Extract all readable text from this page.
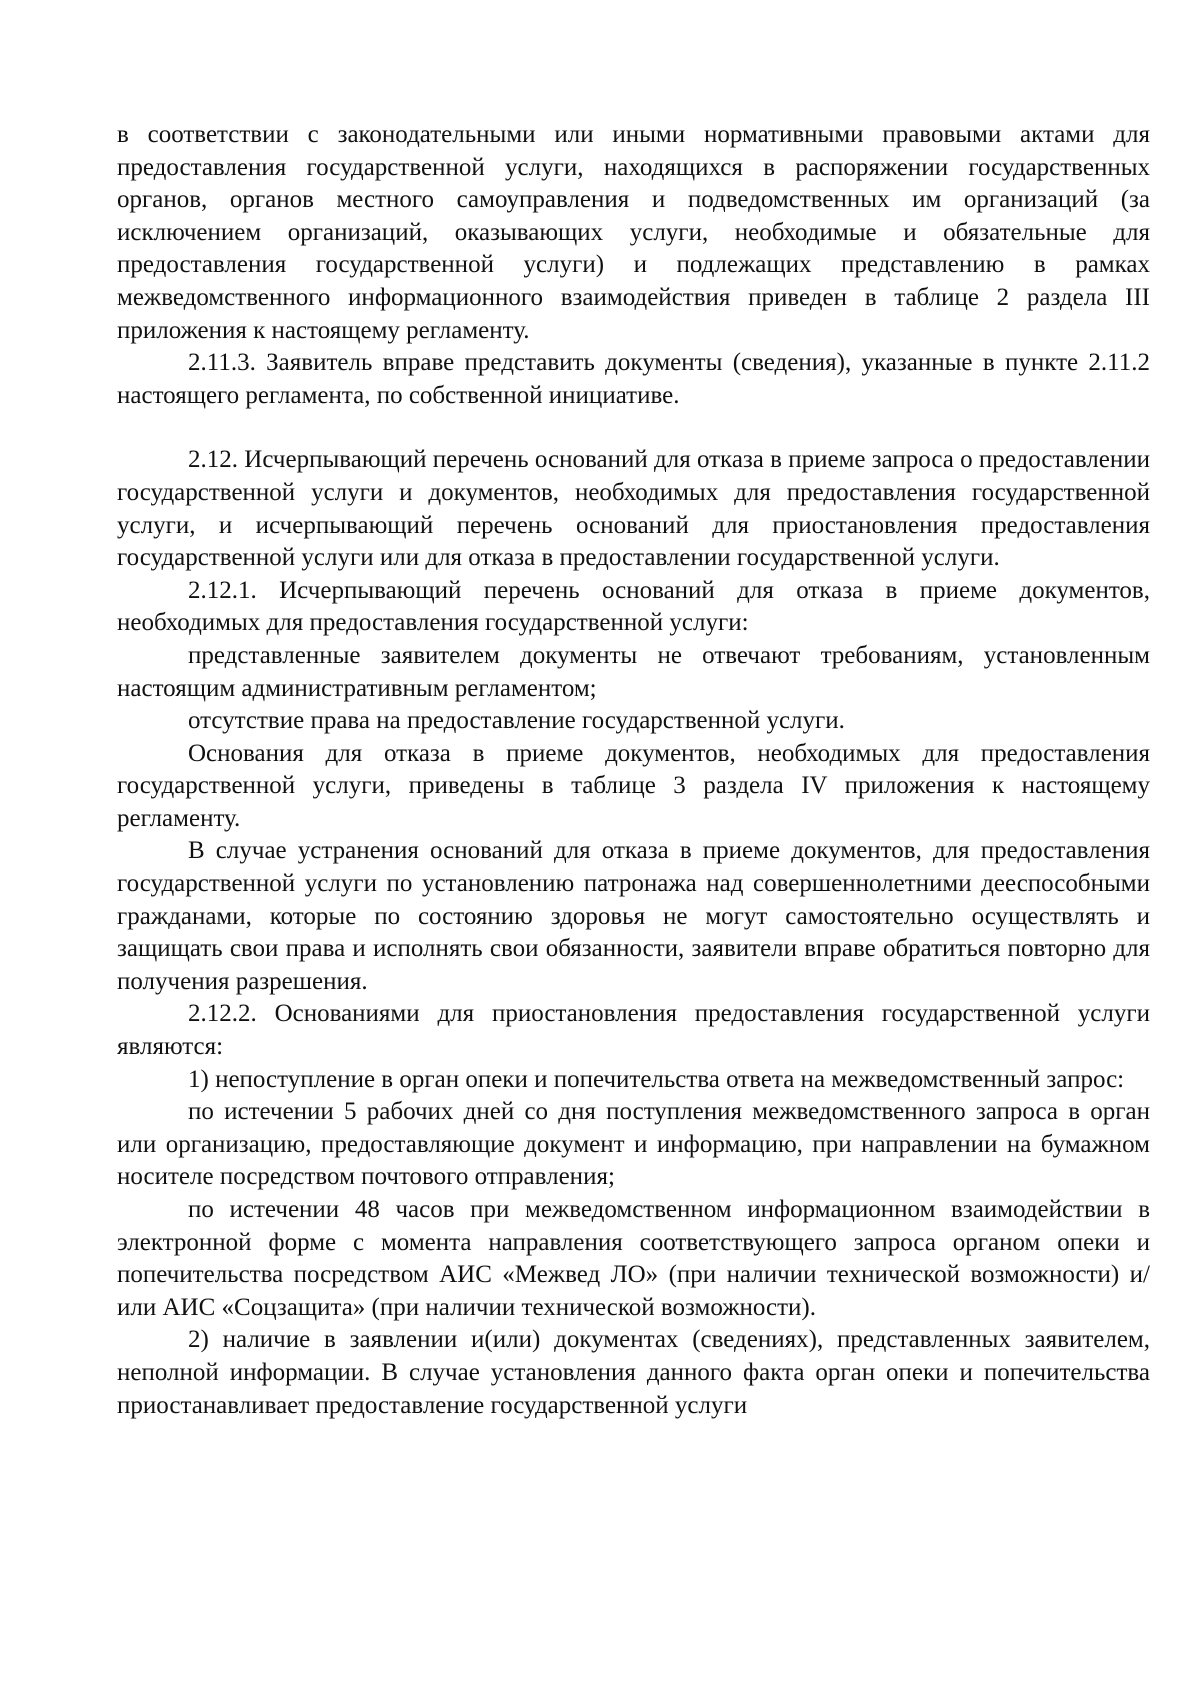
в соответствии с законодательными или иными нормативными правовыми актами для предоставления государственной услуги, находящихся в распоряжении государственных органов, органов местного самоуправления и подведомственных им организаций (за исключением организаций, оказывающих услуги, необходимые и обязательные для предоставления государственной услуги) и подлежащих представлению в рамках межведомственного информационного взаимодействия приведен в таблице 2 раздела III приложения к настоящему регламенту.

2.11.3. Заявитель вправе представить документы (сведения), указанные в пункте 2.11.2 настоящего регламента, по собственной инициативе.

2.12. Исчерпывающий перечень оснований для отказа в приеме запроса о предоставлении государственной услуги и документов, необходимых для предоставления государственной услуги, и исчерпывающий перечень оснований для приостановления предоставления государственной услуги или для отказа в предоставлении государственной услуги.

2.12.1. Исчерпывающий перечень оснований для отказа в приеме документов, необходимых для предоставления государственной услуги:

представленные заявителем документы не отвечают требованиям, установленным настоящим административным регламентом;

отсутствие права на предоставление государственной услуги.

Основания для отказа в приеме документов, необходимых для предоставления государственной услуги, приведены в таблице 3 раздела IV приложения к настоящему регламенту.

В случае устранения оснований для отказа в приеме документов, для предоставления государственной услуги по установлению патронажа над совершеннолетними дееспособными гражданами, которые по состоянию здоровья не могут самостоятельно осуществлять и защищать свои права и исполнять свои обязанности, заявители вправе обратиться повторно для получения разрешения.

2.12.2. Основаниями для приостановления предоставления государственной услуги являются:

1) непоступление в орган опеки и попечительства ответа на межведомственный запрос:

по истечении 5 рабочих дней со дня поступления межведомственного запроса в орган или организацию, предоставляющие документ и информацию, при направлении на бумажном носителе посредством почтового отправления;

по истечении 48 часов при межведомственном информационном взаимодействии в электронной форме с момента направления соответствующего запроса органом опеки и попечительства посредством АИС «Межвед ЛО» (при наличии технической возможности) и/или АИС «Соцзащита» (при наличии технической возможности).

2) наличие в заявлении и(или) документах (сведениях), представленных заявителем, неполной информации. В случае установления данного факта орган опеки и попечительства приостанавливает предоставление государственной услуги
